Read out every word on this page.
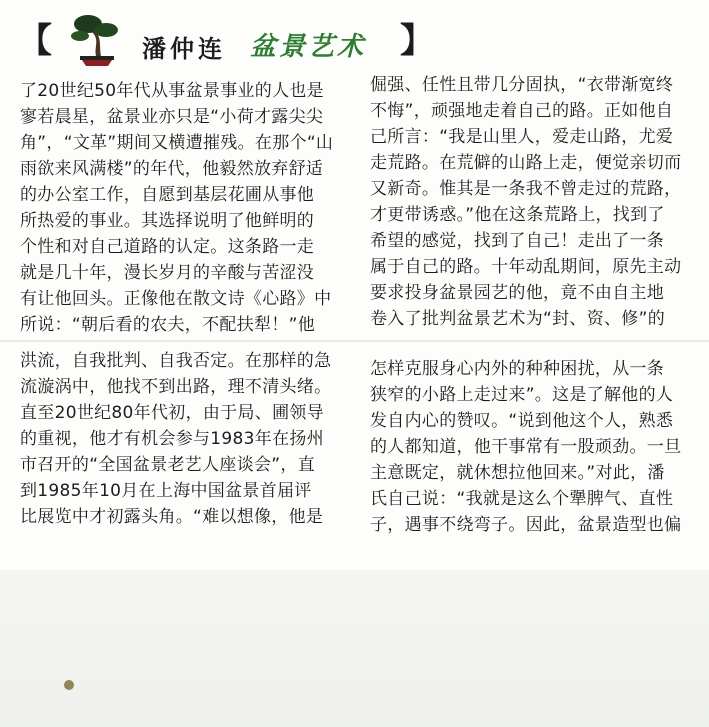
【	潘仲连 盆景艺术 】
了20世纪50年代从事盆景事业的人也是
寥若晨星，盆景业亦只是“小荷才露尖尖
角”，“文革”期间又横遭摧残。在那个“山
雨欲来风满楼”的年代，他毅然放弃舒适
的办公室工作，自愿到基层花圃从事他
所热爱的事业。其选择说明了他鲜明的
个性和对自己道路的认定。这条路一走
就是几十年，漫长岁月的辛酸与苦涩没
有让他回头。正像他在散文诗《心路》中
所说：“朝后看的农夫，不配扶犁！”他
倔强、任性且带几分固执，“衣带渐宽终
不悔”，顽强地走着自己的路。正如他自
己所言：“我是山里人，爱走山路，尤爱
走荒路。在荒僻的山路上走，便觉亲切而
又新奇。惟其是一条我不曾走过的荒路，
才更带诱惑。”他在这条荒路上，找到了
希望的感觉，找到了自己！走出了一条
属于自己的路。十年动乱期间，原先主动
要求投身盆景园艺的他，竟不由自主地
卷入了批判盆景艺术为“封、资、修”的
洪流，自我批判、自我否定。在那样的急
流漩涡中，他找不到出路，理不清头绪。
直至20世纪80年代初，由于局、圃领导
的重视，他才有机会参与1983年在扬州
市召开的“全国盆景老艺人座谈会”，直
到1985年10月在上海中国盆景首届评
比展览中才初露头角。“难以想像，他是
怎样克服身心内外的种种困扰，从一条
狭窄的小路上走过来”。这是了解他的人
发自内心的赞叹。“说到他这个人，熟悉
的人都知道，他干事常有一股顽劲。一旦
主意既定，就休想拉他回来。”对此，潘
氏自己说：“我就是这么个犟脾气、直性
子，遇事不绕弯子。因此，盆景造型也偏
